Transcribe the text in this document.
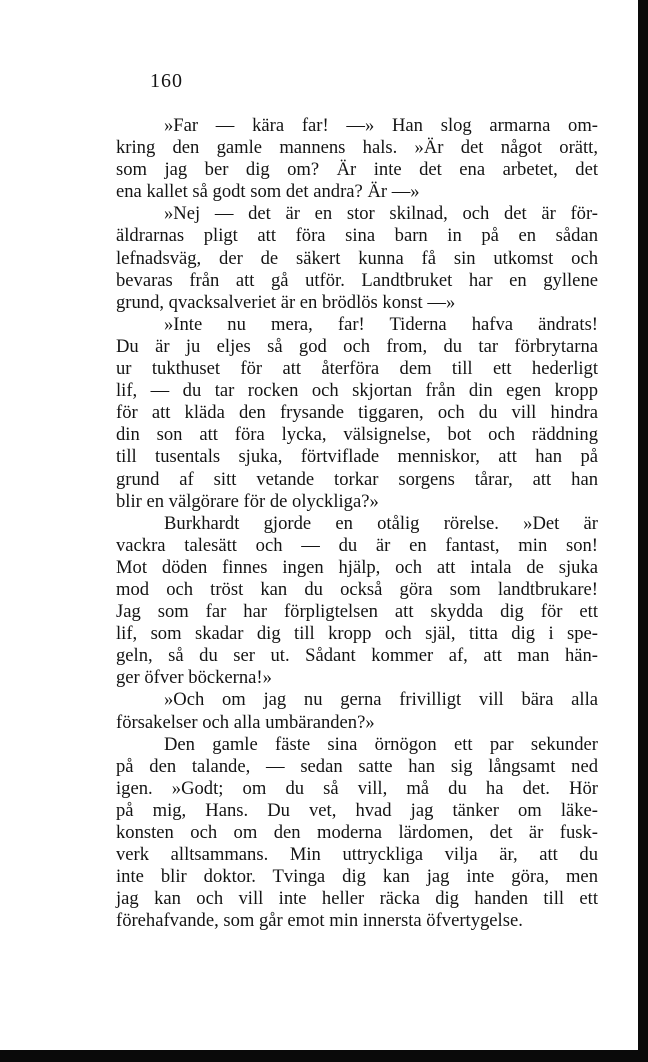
160
»Far — kära far! —» Han slog armarna om-
kring den gamle mannens hals. »Är det något orätt,
som jag ber dig om? Är inte det ena arbetet, det
ena kallet så godt som det andra? Är —»
»Nej — det är en stor skilnad, och det är för-
äldrarnas pligt att föra sina barn in på en sådan
lefnadsväg, der de säkert kunna få sin utkomst och
bevaras från att gå utför. Landtbruket har en gyllene
grund, qvacksalveriet är en brödlös konst —»
»Inte nu mera, far! Tiderna hafva ändrats!
Du är ju eljes så god och from, du tar förbrytarna
ur tukthuset för att återföra dem till ett hederligt
lif, — du tar rocken och skjortan från din egen kropp
för att kläda den frysande tiggaren, och du vill hindra
din son att föra lycka, välsignelse, bot och räddning
till tusentals sjuka, förtviflade menniskor, att han på
grund af sitt vetande torkar sorgens tårar, att han
blir en välgörare för de olyckliga?»
Burkhardt gjorde en otålig rörelse. »Det är
vackra talesätt och — du är en fantast, min son!
Mot döden finnes ingen hjälp, och att intala de sjuka
mod och tröst kan du också göra som landtbrukare!
Jag som far har förpligtelsen att skydda dig för ett
lif, som skadar dig till kropp och själ, titta dig i spe-
geln, så du ser ut. Sådant kommer af, att man hän-
ger öfver böckerna!»
»Och om jag nu gerna frivilligt vill bära alla
försakelser och alla umbäranden?»
Den gamle fäste sina örnögon ett par sekunder
på den talande, — sedan satte han sig långsamt ned
igen. »Godt; om du så vill, må du ha det. Hör
på mig, Hans. Du vet, hvad jag tänker om läke-
konsten och om den moderna lärdomen, det är fusk-
verk alltsammans. Min uttryckliga vilja är, att du
inte blir doktor. Tvinga dig kan jag inte göra, men
jag kan och vill inte heller räcka dig handen till ett
förehafvande, som går emot min innersta öfvertygelse.
